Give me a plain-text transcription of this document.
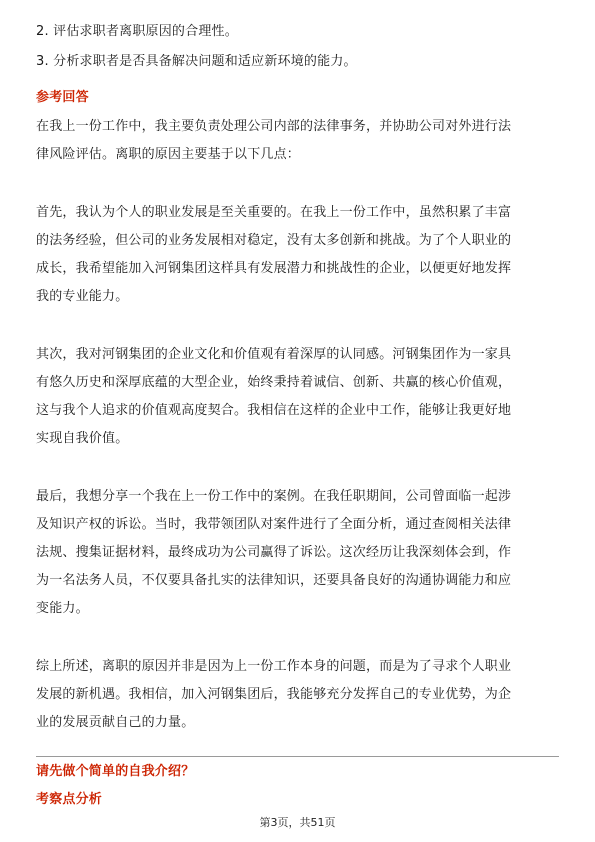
2. 评估求职者离职原因的合理性。
3. 分析求职者是否具备解决问题和适应新环境的能力。
参考回答
在我上一份工作中，我主要负责处理公司内部的法律事务，并协助公司对外进行法
律风险评估。离职的原因主要基于以下几点：
首先，我认为个人的职业发展是至关重要的。在我上一份工作中，虽然积累了丰富
的法务经验，但公司的业务发展相对稳定，没有太多创新和挑战。为了个人职业的
成长，我希望能加入河钢集团这样具有发展潜力和挑战性的企业，以便更好地发挥
我的专业能力。
其次，我对河钢集团的企业文化和价值观有着深厚的认同感。河钢集团作为一家具
有悠久历史和深厚底蕴的大型企业，始终秉持着诚信、创新、共赢的核心价值观，
这与我个人追求的价值观高度契合。我相信在这样的企业中工作，能够让我更好地
实现自我价值。
最后，我想分享一个我在上一份工作中的案例。在我任职期间，公司曾面临一起涉
及知识产权的诉讼。当时，我带领团队对案件进行了全面分析，通过查阅相关法律
法规、搜集证据材料，最终成功为公司赢得了诉讼。这次经历让我深刻体会到，作
为一名法务人员，不仅要具备扎实的法律知识，还要具备良好的沟通协调能力和应
变能力。
综上所述，离职的原因并非是因为上一份工作本身的问题，而是为了寻求个人职业
发展的新机遇。我相信，加入河钢集团后，我能够充分发挥自己的专业优势，为企
业的发展贡献自己的力量。
请先做个简单的自我介绍？
考察点分析
第3页，共51页
